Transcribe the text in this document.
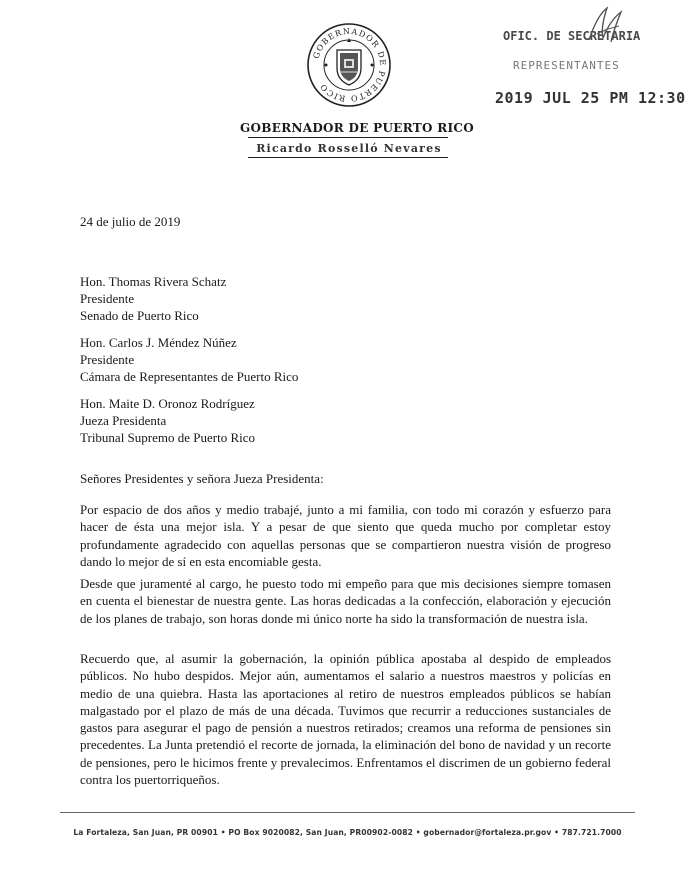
GOBERNADOR DE PUERTO RICO
GOBERNADOR DE PUERTO RICO
Ricardo Rosselló Nevares
OFIC. DE SECRETARIA
REPRESENTANTES
2019 JUL 25 PM 12:30
24 de julio de 2019
Hon. Thomas Rivera Schatz
Presidente
Senado de Puerto Rico
Hon. Carlos J. Méndez Núñez
Presidente
Cámara de Representantes de Puerto Rico
Hon. Maite D. Oronoz Rodríguez
Jueza Presidenta
Tribunal Supremo de Puerto Rico
Señores Presidentes y señora Jueza Presidenta:

Por espacio de dos años y medio trabajé, junto a mi familia, con todo mi corazón y esfuerzo para hacer de ésta una mejor isla. Y a pesar de que siento que queda mucho por completar estoy profundamente agradecido con aquellas personas que se compartieron nuestra visión de progreso dando lo mejor de sí en esta encomiable gesta.

Desde que juramenté al cargo, he puesto todo mi empeño para que mis decisiones siempre tomasen en cuenta el bienestar de nuestra gente. Las horas dedicadas a la confección, elaboración y ejecución de los planes de trabajo, son horas donde mi único norte ha sido la transformación de nuestra isla.

Recuerdo que, al asumir la gobernación, la opinión pública apostaba al despido de empleados públicos. No hubo despidos. Mejor aún, aumentamos el salario a nuestros maestros y policías en medio de una quiebra. Hasta las aportaciones al retiro de nuestros empleados públicos se habían malgastado por el plazo de más de una década. Tuvimos que recurrir a reducciones sustanciales de gastos para asegurar el pago de pensión a nuestros retirados; creamos una reforma de pensiones sin precedentes. La Junta pretendió el recorte de jornada, la eliminación del bono de navidad y un recorte de pensiones, pero le hicimos frente y prevalecimos. Enfrentamos el discrimen de un gobierno federal contra los puertorriqueños.

La Fortaleza, San Juan, PR 00901 • PO Box 9020082, San Juan, PR00902-0082 • gobernador@fortaleza.pr.gov • 787.721.7000
